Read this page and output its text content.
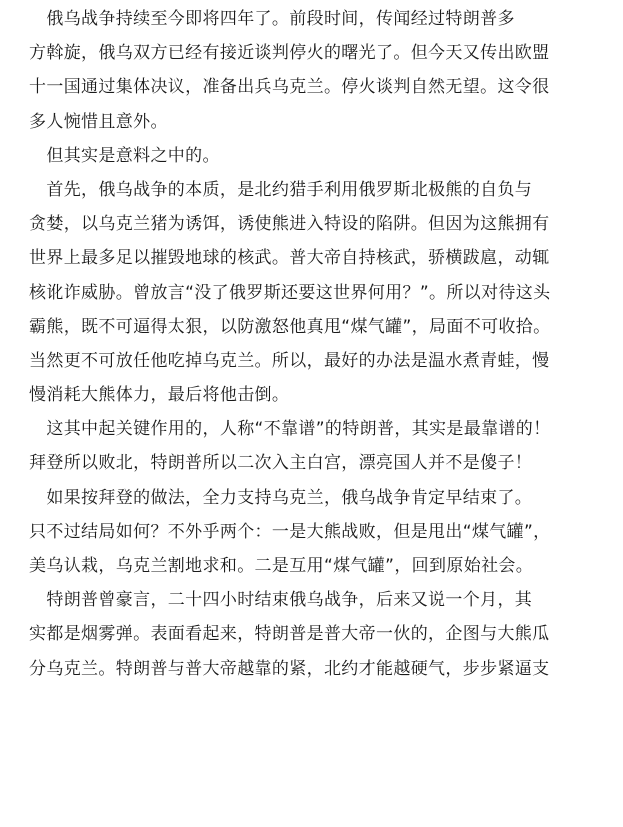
　俄乌战争持续至今即将四年了。前段时间，传闻经过特朗普多
方斡旋，俄乌双方已经有接近谈判停火的曙光了。但今天又传出欧盟
十一国通过集体决议，准备出兵乌克兰。停火谈判自然无望。这令很
多人惋惜且意外。
　但其实是意料之中的。
　首先，俄乌战争的本质，是北约猎手利用俄罗斯北极熊的自负与
贪婪，以乌克兰猪为诱饵，诱使熊进入特设的陷阱。但因为这熊拥有
世界上最多足以摧毁地球的核武。普大帝自持核武，骄横跋扈，动辄
核讹诈威胁。曾放言“没了俄罗斯还要这世界何用？”。所以对待这头
霸熊，既不可逼得太狠，以防激怒他真甩“煤气罐”，局面不可收拾。
当然更不可放任他吃掉乌克兰。所以，最好的办法是温水煮青蛙，慢
慢消耗大熊体力，最后将他击倒。
　这其中起关键作用的，人称“不靠谱”的特朗普，其实是最靠谱的！
拜登所以败北，特朗普所以二次入主白宫，漂亮国人并不是傻子！
　如果按拜登的做法，全力支持乌克兰，俄乌战争肯定早结束了。
只不过结局如何？不外乎两个：一是大熊战败，但是甩出“煤气罐”，
美乌认栽，乌克兰割地求和。二是互用“煤气罐”，回到原始社会。
　特朗普曾豪言，二十四小时结束俄乌战争，后来又说一个月，其
实都是烟雾弹。表面看起来，特朗普是普大帝一伙的，企图与大熊瓜
分乌克兰。特朗普与普大帝越靠的紧，北约才能越硬气，步步紧逼支
